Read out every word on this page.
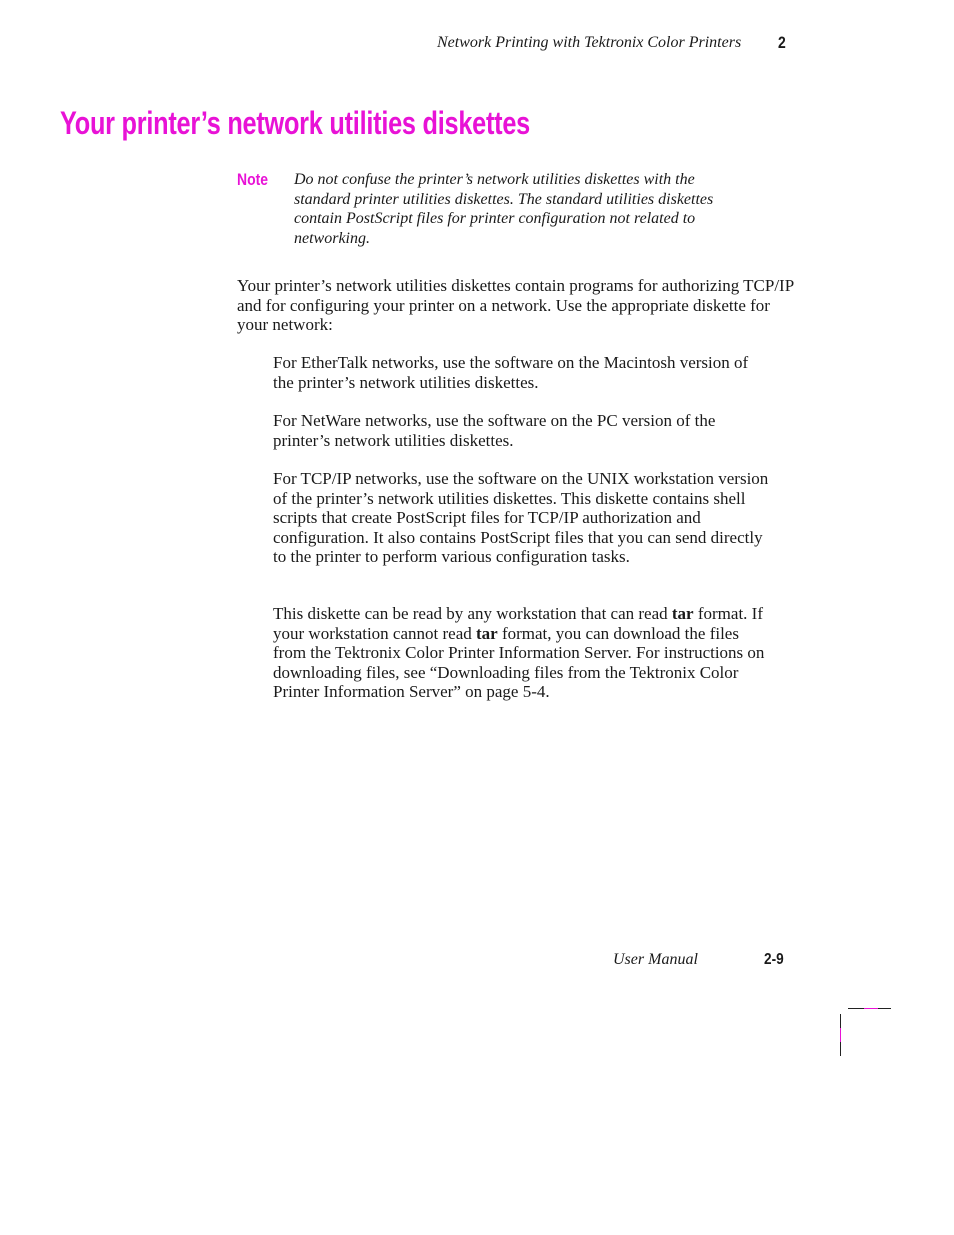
Network Printing with Tektronix Color Printers	2
Your printer’s network utilities diskettes
Note Do not confuse the printer’s network utilities diskettes with the standard printer utilities diskettes. The standard utilities diskettes contain PostScript files for printer configuration not related to networking.

Your printer’s network utilities diskettes contain programs for authorizing TCP/IP and for configuring your printer on a network. Use the appropriate diskette for your network:

For EtherTalk networks, use the software on the Macintosh version of the printer’s network utilities diskettes.

For NetWare networks, use the software on the PC version of the printer’s network utilities diskettes.

For TCP/IP networks, use the software on the UNIX workstation version of the printer’s network utilities diskettes. This diskette contains shell scripts that create PostScript files for TCP/IP authorization and configuration. It also contains PostScript files that you can send directly to the printer to perform various configuration tasks.

This diskette can be read by any workstation that can read tar format. If your workstation cannot read tar format, you can download the files from the Tektronix Color Printer Information Server. For instructions on downloading files, see “Downloading files from the Tektronix Color Printer Information Server” on page 5-4.

User Manual	2-9
